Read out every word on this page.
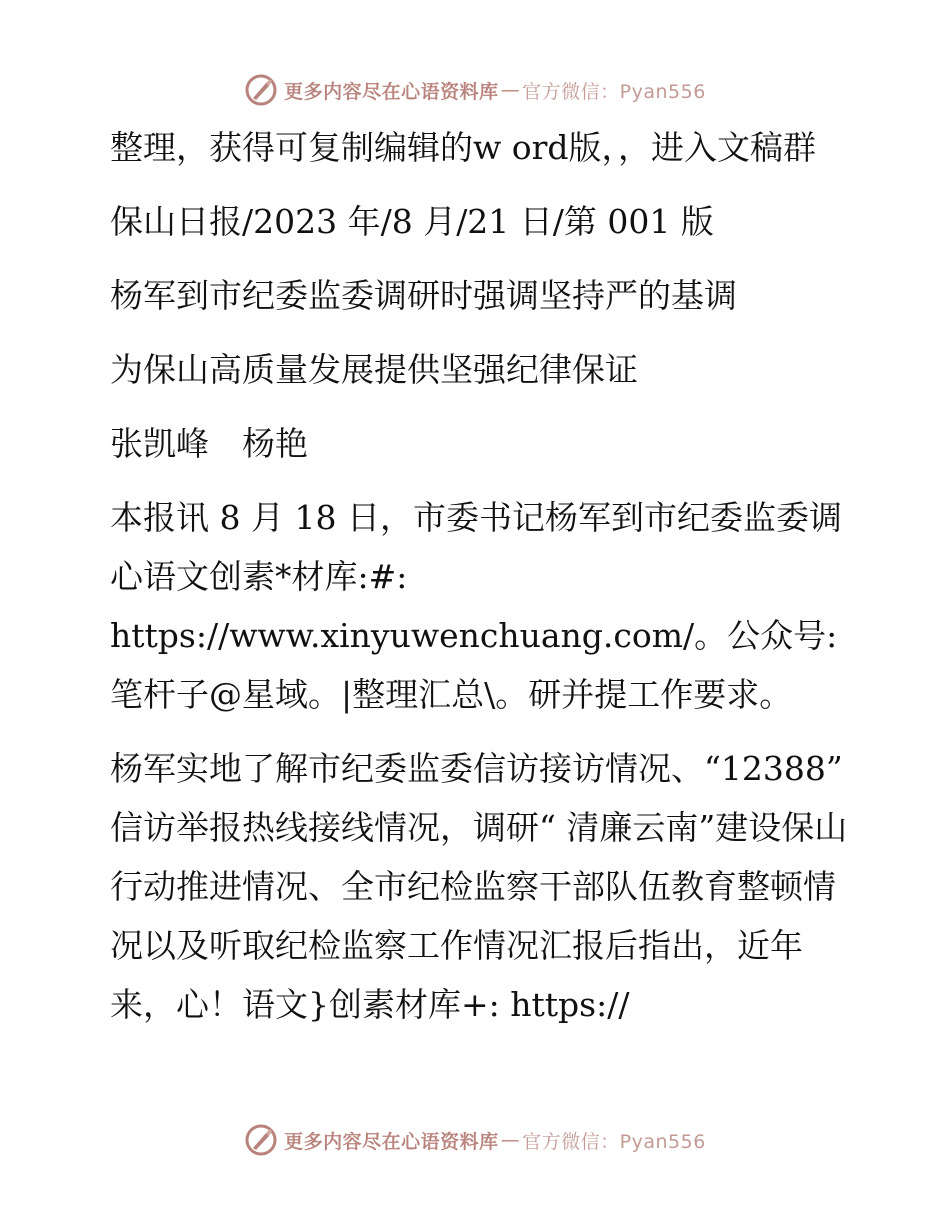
更多内容尽在心语资料库 — 官方微信：Pyan556

整理，获得可复制编辑的w ord版，，进入文稿群

保山日报/2023 年/8 月/21 日/第 001 版

杨军到市纪委监委调研时强调坚持严的基调

为保山高质量发展提供坚强纪律保证

张凯峰　杨艳

本报讯 8 月 18 日，市委书记杨军到市纪委监委调心语文创素*材库:#: https://www.xinyuwenchuang.com/。公众号: 笔杆子@星域。|整理汇总\。研并提工作要求。

杨军实地了解市纪委监委信访接访情况、“12388” 信访举报热线接线情况，调研“ 清廉云南”建设保山行动推进情况、全市纪检监察干部队伍教育整顿情况以及听取纪检监察工作情况汇报后指出，近年来，心！语文}创素材库+: https://

更多内容尽在心语资料库 — 官方微信：Pyan556
